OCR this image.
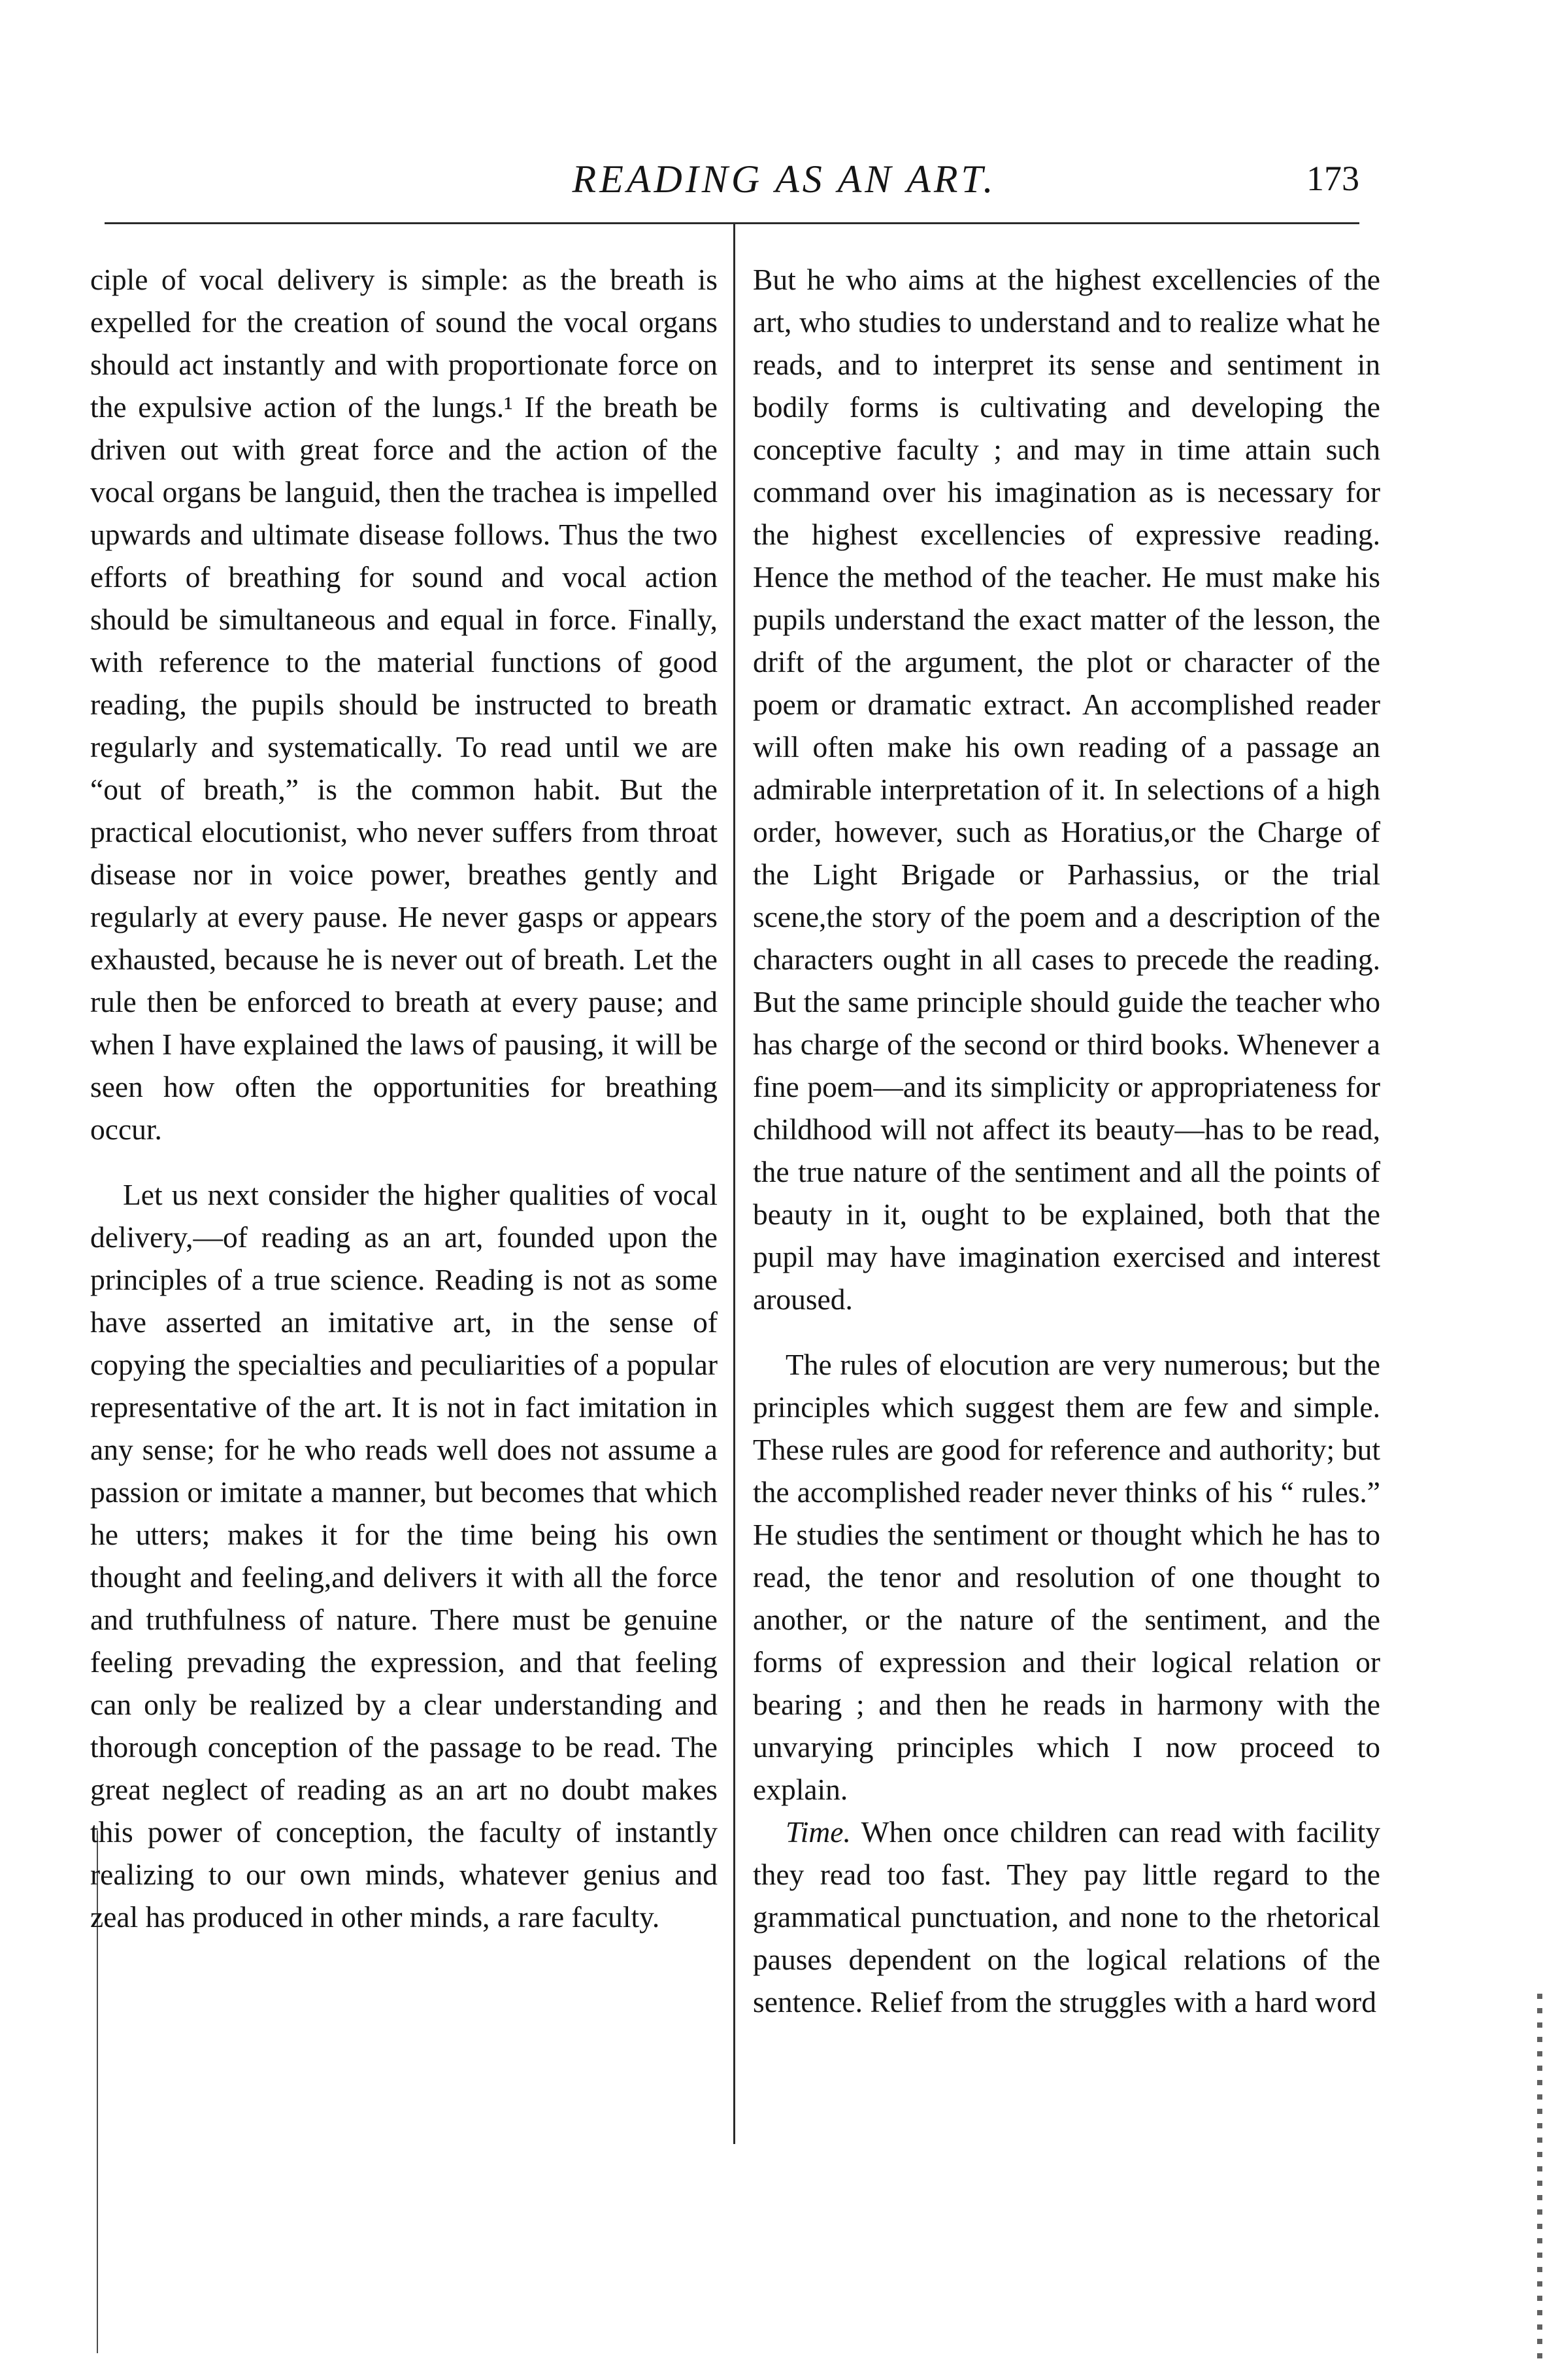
READING AS AN ART.	173

ciple of vocal delivery is simple: as the breath is expelled for the creation of sound the vocal organs should act instantly and with proportionate force on the expulsive action of the lungs.¹ If the breath be driven out with great force and the action of the vocal organs be languid, then the trachea is impelled upwards and ultimate disease follows. Thus the two efforts of breathing for sound and vocal action should be simultaneous and equal in force. Finally, with reference to the material functions of good reading, the pupils should be instructed to breath regularly and systematically. To read until we are “out of breath,” is the common habit. But the practical elocutionist, who never suffers from throat disease nor in voice power, breathes gently and regularly at every pause. He never gasps or appears exhausted, because he is never out of breath. Let the rule then be enforced to breath at every pause; and when I have explained the laws of pausing, it will be seen how often the opportunities for breathing occur.

Let us next consider the higher qualities of vocal delivery,—of reading as an art, founded upon the principles of a true science. Reading is not as some have asserted an imitative art, in the sense of copying the specialties and peculiarities of a popular representative of the art. It is not in fact imitation in any sense; for he who reads well does not assume a passion or imitate a manner, but becomes that which he utters; makes it for the time being his own thought and feeling,and delivers it with all the force and truthfulness of nature. There must be genuine feeling prevading the expression, and that feeling can only be realized by a clear understanding and thorough conception of the passage to be read. The great neglect of reading as an art no doubt makes this power of conception, the faculty of instantly realizing to our own minds, whatever genius and zeal has produced in other minds, a rare faculty.

But he who aims at the highest excellencies of the art, who studies to understand and to realize what he reads, and to interpret its sense and sentiment in bodily forms is cultivating and developing the conceptive faculty ; and may in time attain such command over his imagination as is necessary for the highest excellencies of expressive reading. Hence the method of the teacher. He must make his pupils understand the exact matter of the lesson, the drift of the argument, the plot or character of the poem or dramatic extract. An accomplished reader will often make his own reading of a passage an admirable interpretation of it. In selections of a high order, however, such as Horatius,or the Charge of the Light Brigade or Parhassius, or the trial scene,the story of the poem and a description of the characters ought in all cases to precede the reading. But the same principle should guide the teacher who has charge of the second or third books. Whenever a fine poem—and its simplicity or appropriateness for childhood will not affect its beauty—has to be read, the true nature of the sentiment and all the points of beauty in it, ought to be explained, both that the pupil may have imagination exercised and interest aroused.

The rules of elocution are very numerous; but the principles which suggest them are few and simple. These rules are good for reference and authority; but the accomplished reader never thinks of his “ rules.” He studies the sentiment or thought which he has to read, the tenor and resolution of one thought to another, or the nature of the sentiment, and the forms of expression and their logical relation or bearing ; and then he reads in harmony with the unvarying principles which I now proceed to explain.

Time. When once children can read with facility they read too fast. They pay little regard to the grammatical punctuation, and none to the rhetorical pauses dependent on the logical relations of the sentence. Relief from the struggles with a hard word
